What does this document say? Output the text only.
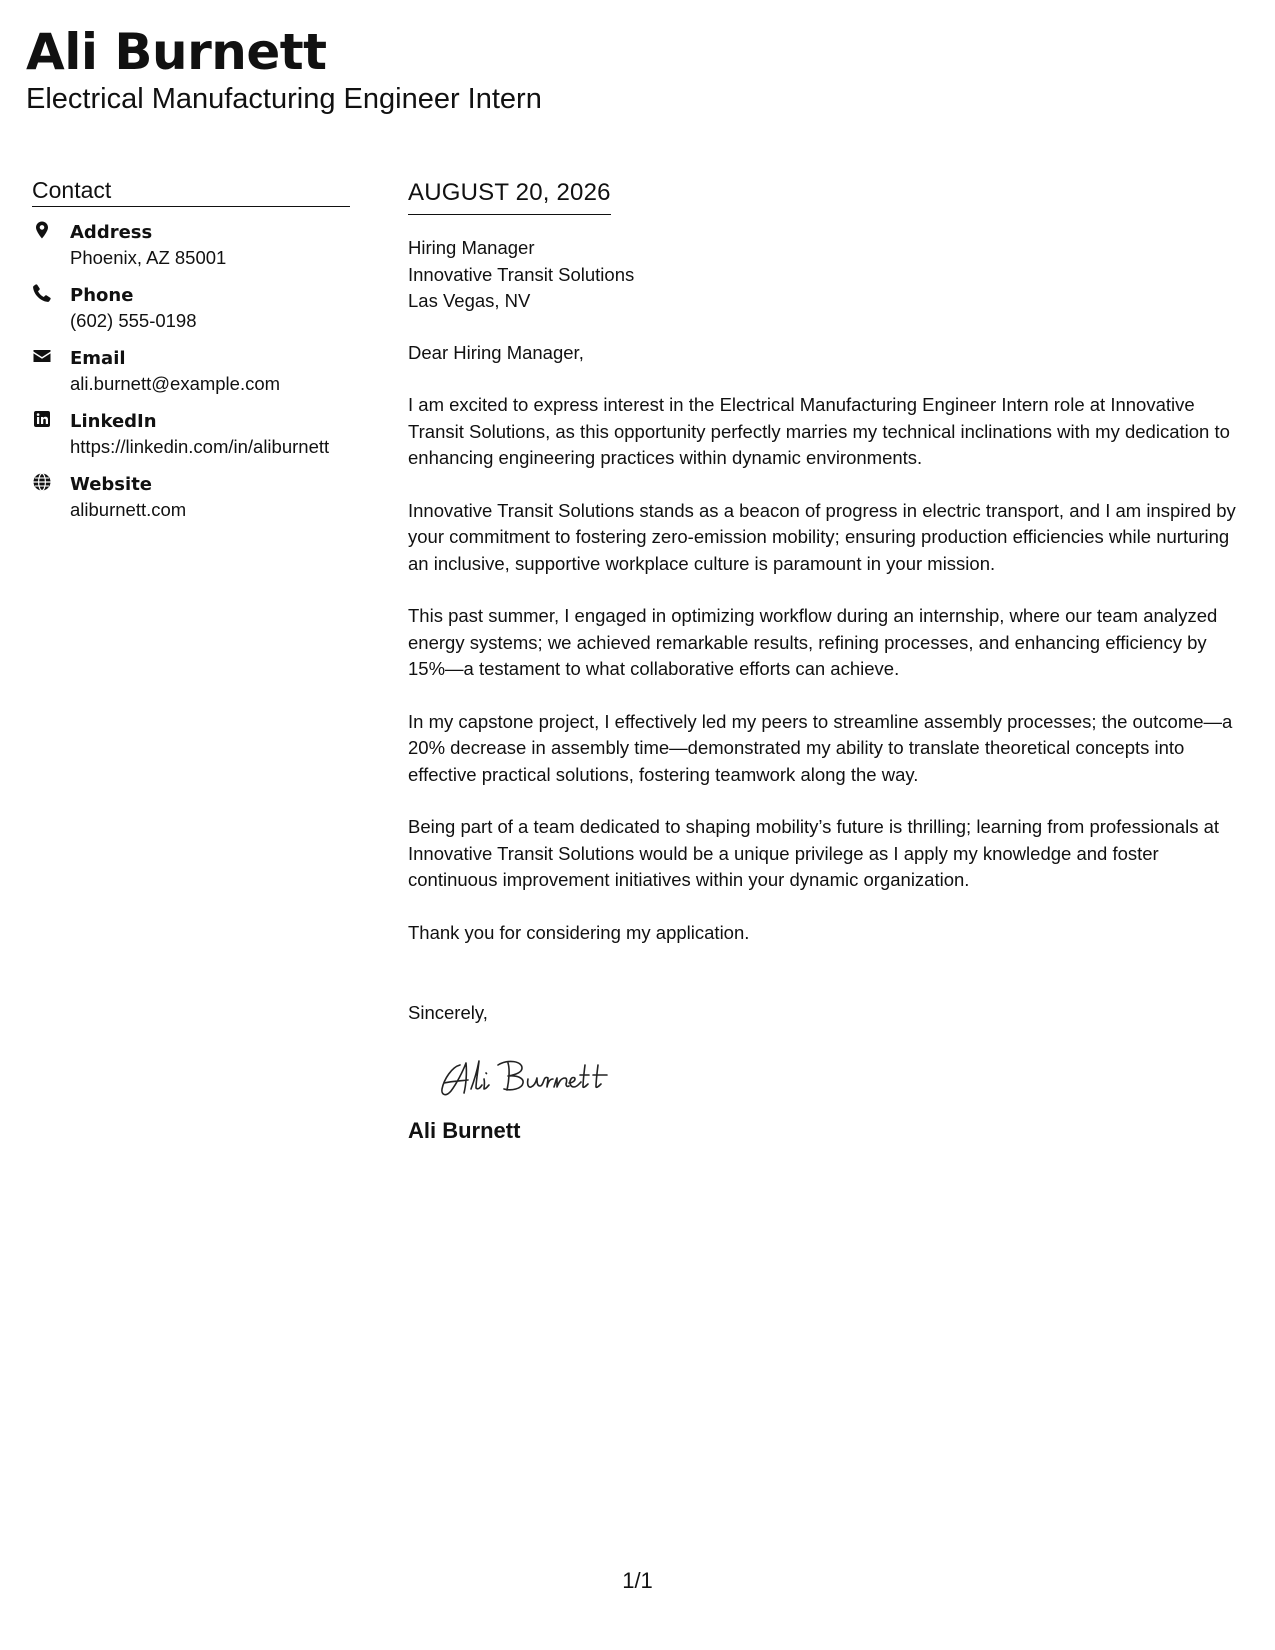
Ali Burnett
Electrical Manufacturing Engineer Intern
Contact
Address
Phoenix, AZ 85001
Phone
(602) 555-0198
Email
ali.burnett@example.com
LinkedIn
https://linkedin.com/in/aliburnett
Website
aliburnett.com
AUGUST 20, 2026
Hiring Manager
Innovative Transit Solutions
Las Vegas, NV
Dear Hiring Manager,
I am excited to express interest in the Electrical Manufacturing Engineer Intern role at Innovative Transit Solutions, as this opportunity perfectly marries my technical inclinations with my dedication to enhancing engineering practices within dynamic environments.
Innovative Transit Solutions stands as a beacon of progress in electric transport, and I am inspired by your commitment to fostering zero-emission mobility; ensuring production efficiencies while nurturing an inclusive, supportive workplace culture is paramount in your mission.
This past summer, I engaged in optimizing workflow during an internship, where our team analyzed energy systems; we achieved remarkable results, refining processes, and enhancing efficiency by 15%—a testament to what collaborative efforts can achieve.
In my capstone project, I effectively led my peers to streamline assembly processes; the outcome—a 20% decrease in assembly time—demonstrated my ability to translate theoretical concepts into effective practical solutions, fostering teamwork along the way.
Being part of a team dedicated to shaping mobility’s future is thrilling; learning from professionals at Innovative Transit Solutions would be a unique privilege as I apply my knowledge and foster continuous improvement initiatives within your dynamic organization.
Thank you for considering my application.
Sincerely,
Ali Burnett
1/1
